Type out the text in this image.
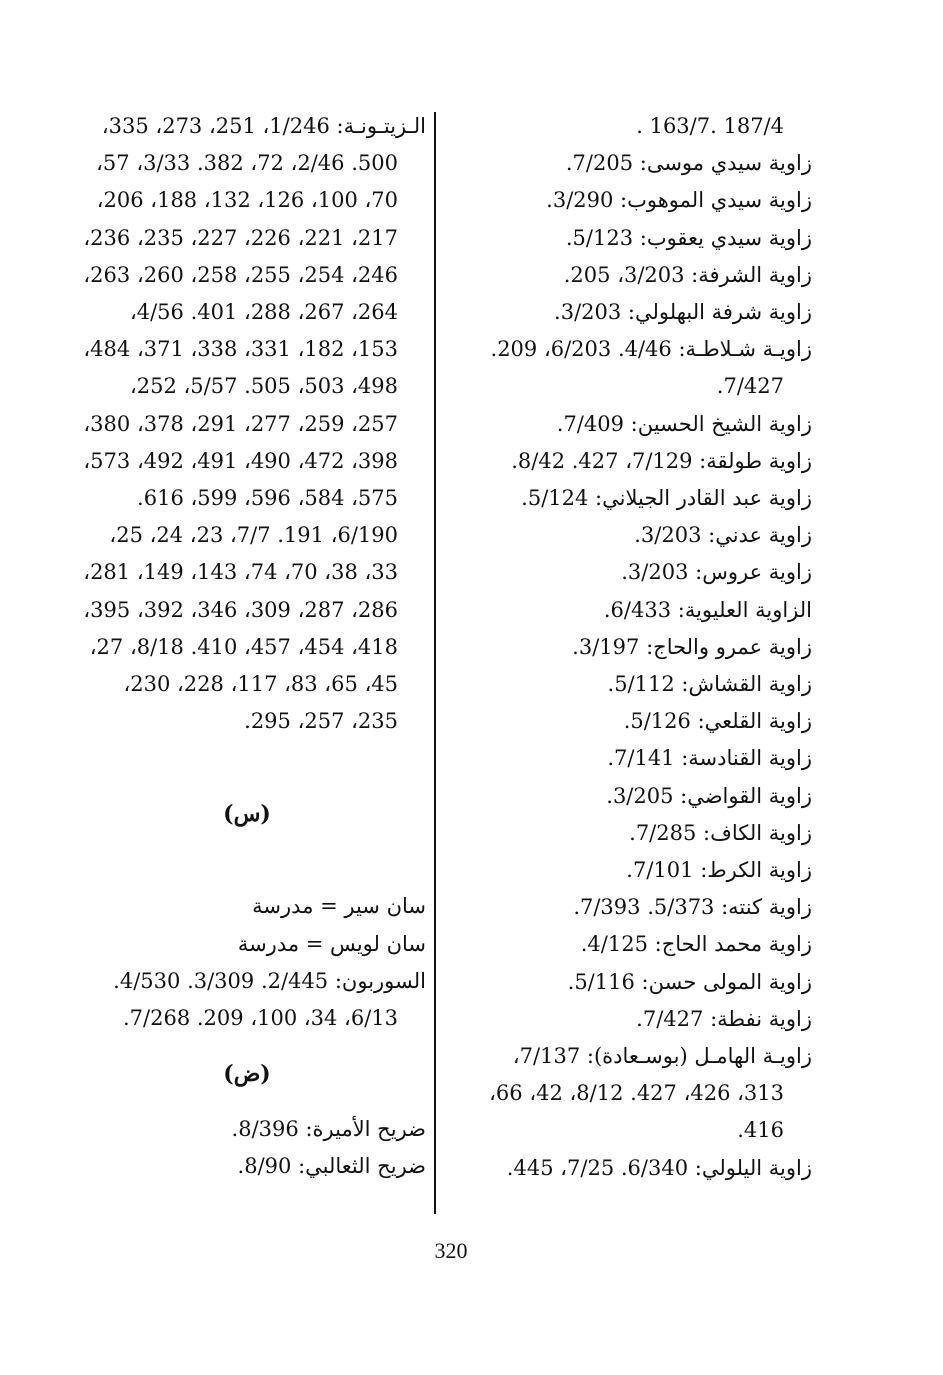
187/4 .163/7 .
زاوية سيدي موسى: 7/205.
زاوية سيدي الموهوب: 3/290.
زاوية سيدي يعقوب: 5/123.
زاوية الشرفة: 3/203، 205.
زاوية شرفة البهلولي: 3/203.
زاويـة شـلاطـة: 4/46. 6/203، 209.
7/427.
زاوية الشيخ الحسين: 7/409.
زاوية طولقة: 7/129، 427. 8/42.
زاوية عبد القادر الجيلاني: 5/124.
زاوية عدني: 3/203.
زاوية عروس: 3/203.
الزاوية العليوية: 6/433.
زاوية عمرو والحاج: 3/197.
زاوية القشاش: 5/112.
زاوية القلعي: 5/126.
زاوية القنادسة: 7/141.
زاوية القواضي: 3/205.
زاوية الكاف: 7/285.
زاوية الكرط: 7/101.
زاوية كنته: 5/373. 7/393.
زاوية محمد الحاج: 4/125.
زاوية المولى حسن: 5/116.
زاوية نفطة: 7/427.
زاويـة الهامـل (بوسـعادة): 7/137،
313، 426، 427. 8/12، 42، 66،
416.
زاوية اليلولي: 6/340. 7/25، 445.
الـزيتـونـة: 1/246، 251، 273، 335،
500. 2/46، 72، 382. 3/33، 57،
70، 100، 126، 132، 188، 206،
217، 221، 226، 227، 235، 236،
246، 254، 255، 258، 260، 263،
264، 267، 288، 401. 4/56،
153، 182، 331، 338، 371، 484،
498، 503، 505. 5/57، 252،
257، 259، 277، 291، 378، 380،
398، 472، 490، 491، 492، 573،
575، 584، 596، 599، 616.
6/190، 191. 7/7، 23، 24، 25،
33، 38، 70، 74، 143، 149، 281،
286، 287، 309، 346، 392، 395،
418، 454، 457، 410. 8/18، 27،
45، 65، 83، 117، 228، 230،
235، 257، 295.
(س)
سان سير = مدرسة
سان لويس = مدرسة
السوربون: 2/445. 3/309. 4/530.
6/13، 34، 100، 209. 7/268.
(ض)
ضريح الأميرة: 8/396.
ضريح الثعالبي: 8/90.
320
